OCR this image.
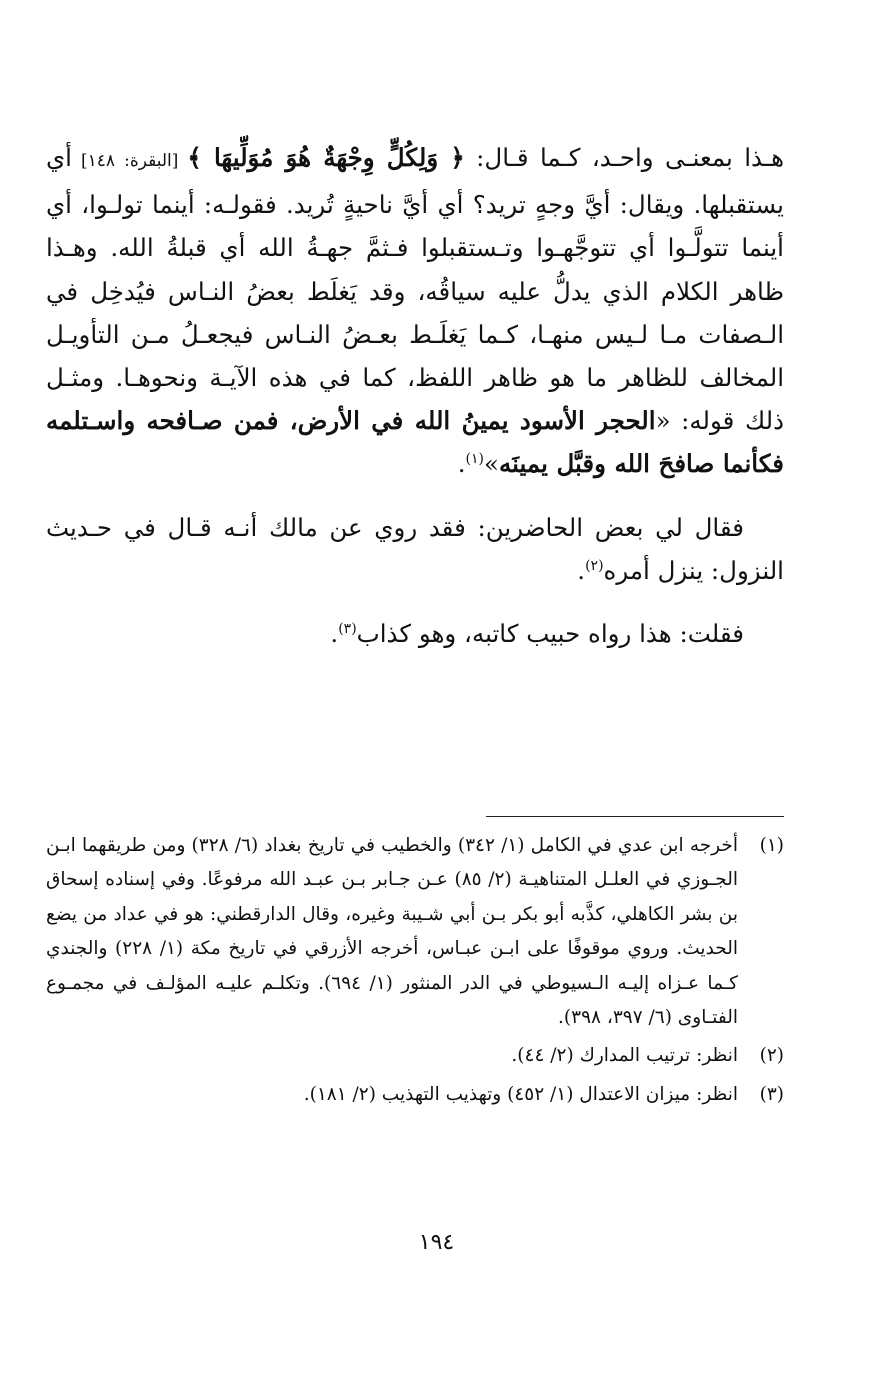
هـذا بمعنـى واحـد، كـما قـال: ﴿ وَلِكُلٍّ وِجْهَةٌ هُوَ مُوَلِّيهَا ﴾ [البقرة: ١٤٨] أي يستقبلها. ويقال: أيَّ وجهٍ تريد؟ أي أيَّ ناحيةٍ تُريد. فقولـه: أينما تولـوا، أي أينما تتولَّـوا أي تتوجَّهـوا وتـستقبلوا فـثمَّ جهـةُ الله أي قبلةُ الله. وهـذا ظاهر الكلام الذي يدلُّ عليه سياقُه، وقد يَغلَط بعضُ النـاس فيُدخِل في الـصفات مـا لـيس منهـا، كـما يَغلَـط بعـضُ النـاس فيجعـلُ مـن التأويـل المخالف للظاهر ما هو ظاهر اللفظ، كما في هذه الآيـة ونحوهـا. ومثـل ذلك قوله: «الحجر الأسود يمينُ الله في الأرض، فمن صـافحه واسـتلمه فكأنما صافحَ الله وقبَّل يمينَه»$^{(١)}$.

فقال لي بعض الحاضرين: فقد روي عن مالك أنـه قـال في حـديث النزول: ينزل أمره$^{(٢)}$.

فقلت: هذا رواه حبيب كاتبه، وهو كذاب$^{(٣)}$.

(١)
أخرجه ابن عدي في الكامل (١/ ٣٤٢) والخطيب في تاريخ بغداد (٦/ ٣٢٨) ومن طريقهما ابـن الجـوزي في العلـل المتناهيـة (٢/ ٨٥) عـن جـابر بـن عبـد الله مرفوعًا. وفي إسناده إسحاق بن بشر الكاهلي، كذَّبه أبو بكر بـن أبي شـيبة وغيره، وقال الدارقطني: هو في عداد من يضع الحديث. وروي موقوفًا على ابـن عبـاس، أخرجه الأزرقي في تاريخ مكة (١/ ٢٢٨) والجندي كـما عـزاه إليـه الـسيوطي في الدر المنثور (١/ ٦٩٤). وتكلـم عليـه المؤلـف في مجمـوع الفتـاوى (٦/ ٣٩٧، ٣٩٨).
(٢)
انظر: ترتيب المدارك (٢/ ٤٤).
(٣)
انظر: ميزان الاعتدال (١/ ٤٥٢) وتهذيب التهذيب (٢/ ١٨١).
١٩٤
